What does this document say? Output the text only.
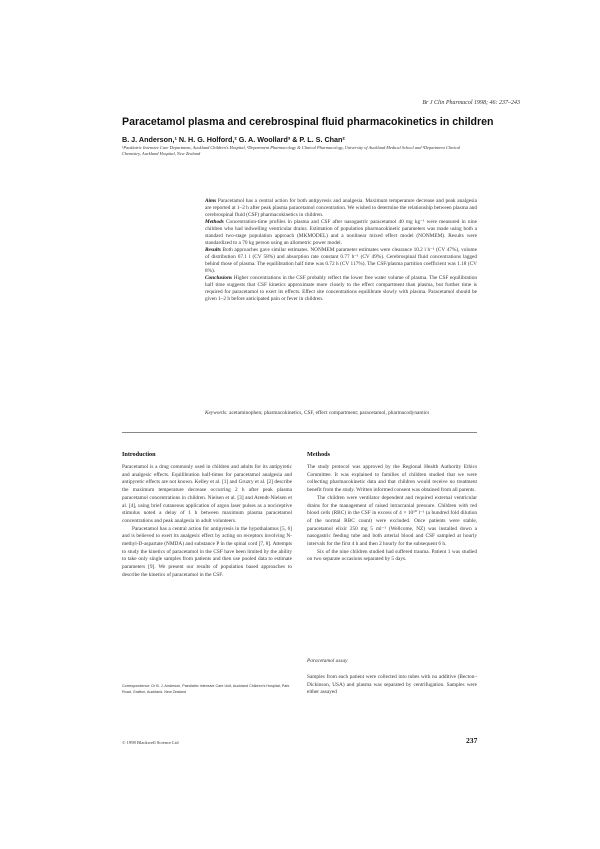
Br J Clin Pharmacol 1998; 46: 237–243
Paracetamol plasma and cerebrospinal fluid pharmacokinetics in children
B. J. Anderson,¹ N. H. G. Holford,² G. A. Woollard³ & P. L. S. Chan²
¹Paediatric Intensive Care Department, Auckland Children's Hospital, ²Department Pharmacology & Clinical Pharmacology, University of Auckland Medical School and ³Department Clinical Chemistry, Auckland Hospital, New Zealand

Aims Paracetamol has a central action for both antipyresis and analgesia. Maximum temperature decrease and peak analgesia are reported at 1–2 h after peak plasma paracetamol concentration. We wished to determine the relationship between plasma and cerebrospinal fluid (CSF) pharmacokinetics in children.

Methods Concentration-time profiles in plasma and CSF after nasogastric paracetamol 40 mg kg⁻¹ were measured in nine children who had indwelling ventricular drains. Estimation of population pharmacokinetic parameters was made using both a standard two-stage population approach (MKMODEL) and a nonlinear mixed effect model (NONMEM). Results were standardized to a 70 kg person using an allometric power model.

Results Both approaches gave similar estimates. NONMEM parameter estimates were clearance 10.2 l h⁻¹ (CV 47%), volume of distribution 67.1 l (CV 58%) and absorption rate constant 0.77 h⁻¹ (CV 49%). Cerebrospinal fluid concentrations lagged behind those of plasma. The equilibration half time was 0.72 h (CV 117%). The CSF/plasma partition coefficient was 1.18 (CV 8%).

Conclusions Higher concentrations in the CSF probably reflect the lower free water volume of plasma. The CSF equilibration half time suggests that CSF kinetics approximate more closely to the effect compartment than plasma, but further time is required for paracetamol to exert its effects. Effect site concentrations equilibrate slowly with plasma. Paracetamol should be given 1–2 h before anticipated pain or fever in children.

Keywords: acetaminophen; pharmacokinetics, CSF, effect compartment; paracetamol, pharmacodynamics
Introduction

Paracetamol is a drug commonly used in children and adults for its antipyretic and analgesic effects. Equilibration half-times for paracetamol analgesia and antipyretic effects are not known. Kelley et al. [1] and Gruzry et al. [2] describe the maximum temperature decrease occurring 2 h after peak plasma paracetamol concentrations in children. Nielsen et al. [3] and Arendt-Nielsen et al. [4], using brief cutaneous application of argon laser pulses as a nociceptive stimulus noted a delay of 1 h between maximum plasma paracetamol concentrations and peak analgesia in adult volunteers.

Paracetamol has a central action for antipyresis in the hypothalamus [5, 6] and is believed to exert its analgesic effect by acting on receptors involving N-methyl-D-aspartate (NMDA) and substance P in the spinal cord [7, 8]. Attempts to study the kinetics of paracetamol in the CSF have been limited by the ability to take only single samples from patients and then use pooled data to estimate parameters [9]. We present our results of population based approaches to describe the kinetics of paracetamol in the CSF.

Correspondence: Dr B. J. Anderson, Paediatric Intensive Care Unit, Auckland Children's Hospital, Park Road, Grafton, Auckland, New Zealand
Methods

The study protocol was approved by the Regional Health Authority Ethics Committee. It was explained to families of children studied that we were collecting pharmacokinetic data and that children would receive no treatment benefit from the study. Written informed consent was obtained from all parents.

The children were ventilator dependent and required external ventricular drains for the management of raised intracranial pressure. Children with red blood cells (RBC) in the CSF in excess of 4 × 10¹⁰ l⁻¹ (a hundred fold dilution of the normal RBC count) were excluded. Once patients were stable, paracetamol elixir 250 mg 5 ml⁻¹ (Wellcome, NZ) was installed down a nasogastric feeding tube and both arterial blood and CSF sampled at hourly intervals for the first 4 h and then 2 hourly for the subsequent 6 h.

Six of the nine children studied had suffered trauma. Patient 1 was studied on two separate occasions separated by 5 days.

Paracetamol assay

Samples from each patient were collected into tubes with no additive (Becton–Dickinson, USA) and plasma was separated by centrifugation. Samples were either assayed

© 1998 Blackwell Science Ltd	237
